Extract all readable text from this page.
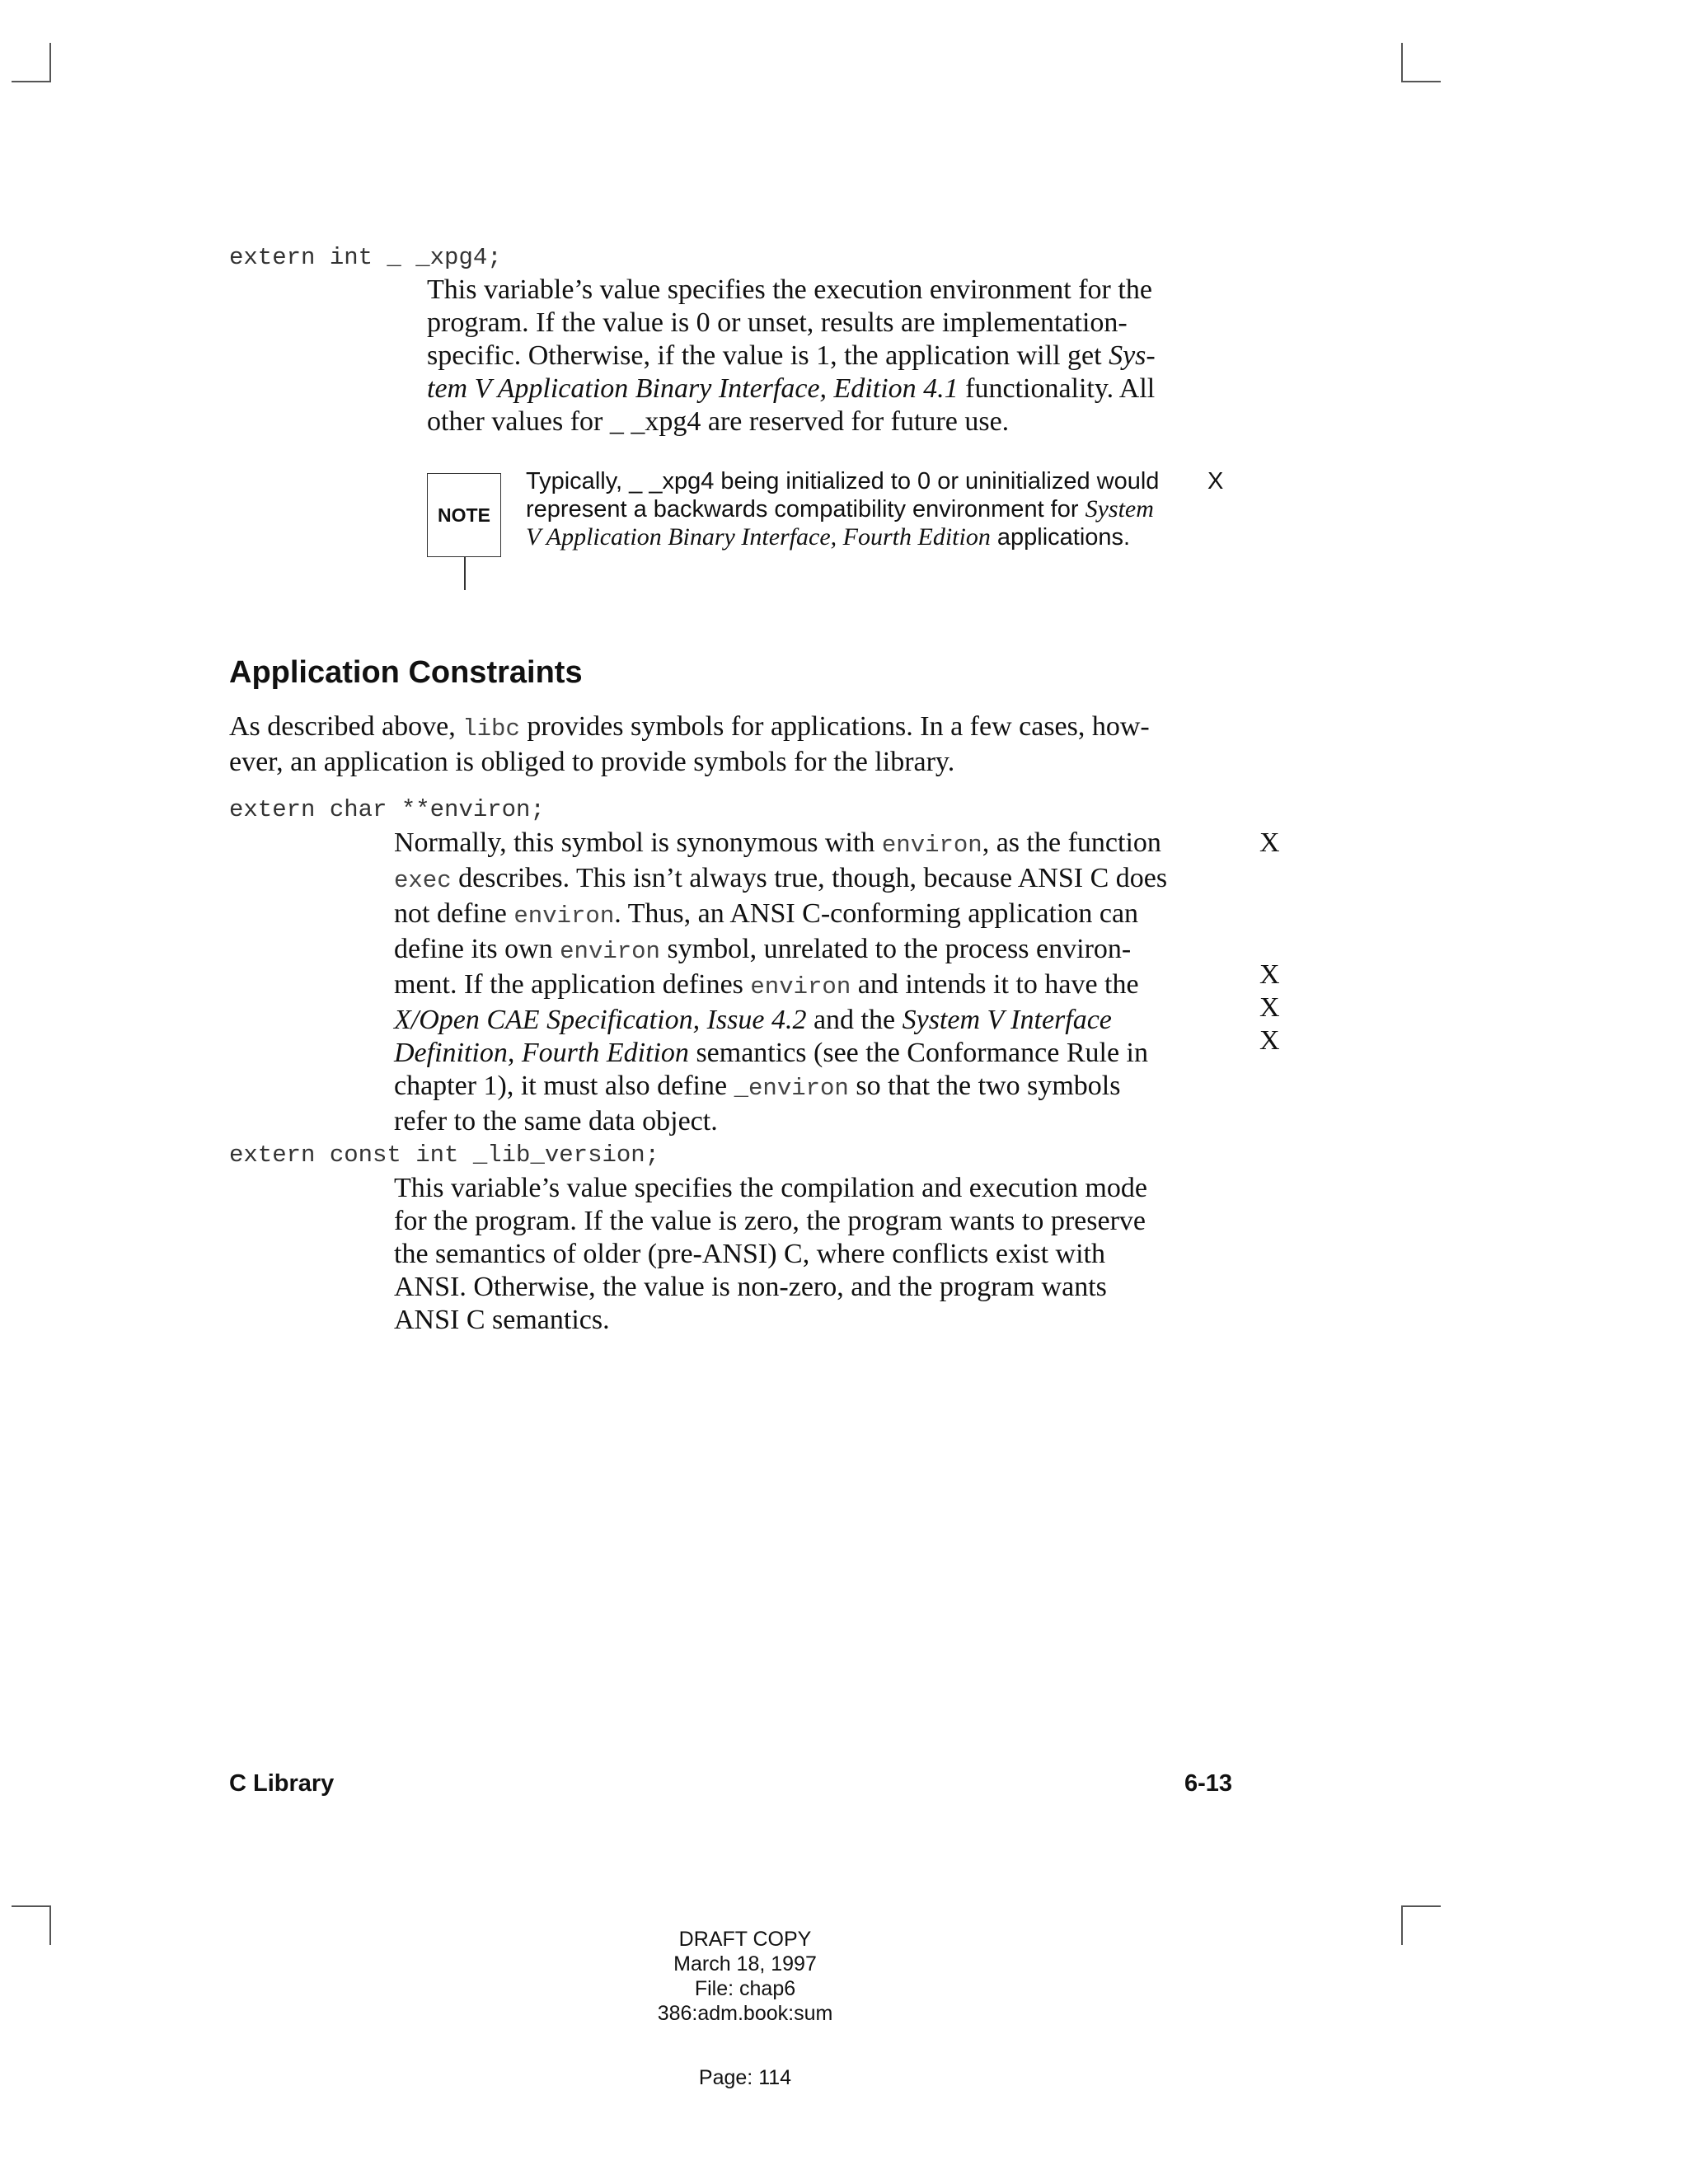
extern int _ _xpg4;
This variable’s value specifies the execution environment for the
program. If the value is 0 or unset, results are implementation-
specific. Otherwise, if the value is 1, the application will get Sys-
tem V Application Binary Interface, Edition 4.1 functionality. All
other values for _ _xpg4 are reserved for future use.
NOTE
Typically, _ _xpg4 being initialized to 0 or uninitialized would
represent a backwards compatibility environment for System
V Application Binary Interface, Fourth Edition applications.
X
Application Constraints
As described above, libc provides symbols for applications. In a few cases, how-
ever, an application is obliged to provide symbols for the library.
extern char **environ;
Normally, this symbol is synonymous with environ, as the function
exec describes. This isn’t always true, though, because ANSI C does
not define environ. Thus, an ANSI C-conforming application can
define its own environ symbol, unrelated to the process environ-
ment. If the application defines environ and intends it to have the
X/Open CAE Specification, Issue 4.2 and the System V Interface
Definition, Fourth Edition semantics (see the Conformance Rule in
chapter 1), it must also define _environ so that the two symbols
refer to the same data object.
X
X
X
X
extern const int _lib_version;
This variable’s value specifies the compilation and execution mode
for the program. If the value is zero, the program wants to preserve
the semantics of older (pre-ANSI) C, where conflicts exist with
ANSI. Otherwise, the value is non-zero, and the program wants
ANSI C semantics.
C Library	6-13
DRAFT COPY
March 18, 1997
File: chap6
386:adm.book:sum
Page: 114
